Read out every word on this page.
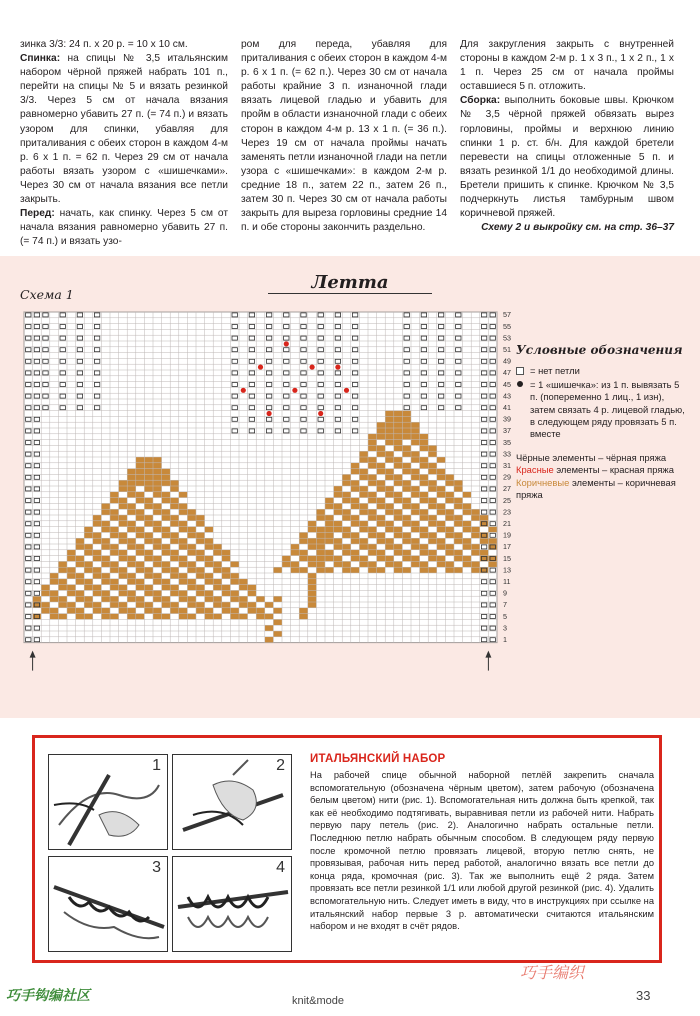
зинка 3/3: 24 п. х 20 р. = 10 х 10 см.

Спинка: на спицы № 3,5 итальянским набором чёрной пряжей набрать 101 п., перейти на спицы № 5 и вязать резинкой 3/3. Через 5 см от начала вязания равномерно убавить 27 п. (= 74 п.) и вязать узором для спинки, убавляя для приталивания с обеих сторон в каждом 4-м р. 6 х 1 п. = 62 п. Через 29 см от начала работы вязать узором с «шишечками». Через 30 см от начала вязания все петли закрыть.

Перед: начать, как спинку. Через 5 см от начала вязания равномерно убавить 27 п. (= 74 п.) и вязать узо-

ром для переда, убавляя для приталивания с обеих сторон в каждом 4-м р. 6 х 1 п. (= 62 п.). Через 30 см от начала работы крайние 3 п. изнаночной глади вязать лицевой гладью и убавить для пройм в области изнаночной глади с обеих сторон в каждом 4-м р. 13 х 1 п. (= 36 п.). Через 19 см от начала проймы начать заменять петли изнаночной глади на петли узора с «шишечками»: в каждом 2-м р. средние 18 п., затем 22 п., затем 26 п., затем 30 п. Через 30 см от начала работы закрыть для выреза горловины средние 14 п. и обе стороны закончить раздельно.

Для закругления закрыть с внутренней стороны в каждом 2-м р. 1 х 3 п., 1 х 2 п., 1 х 1 п. Через 25 см от начала проймы оставшиеся 5 п. отложить.

Сборка: выполнить боковые швы. Крючком № 3,5 чёрной пряжей обвязать вырез горловины, проймы и верхнюю линию спинки 1 р. ст. б/н. Для каждой бретели перевести на спицы отложенные 5 п. и вязать резинкой 1/1 до необходимой длины. Бретели пришить к спинке. Крючком № 3,5 подчеркнуть листья тамбурным швом коричневой пряжей.

Схему 2 и выкройку см. на стр. 36–37

Летта
Схема 1
57
55
53
51
49
47
45
43
41
39
37
35
33
31
29
27
25
23
21
19
17
15
13
11
9
7
5
3
1
Условные обозначения
= нет петли
= 1 «шишечка»: из 1 п. вывязать 5 п. (попеременно 1 лиц., 1 изн), затем связать 4 р. лицевой гладью, в следующем ряду провязать 5 п. вместе
Чёрные элементы – чёрная пряжа
Красные элементы – красная пряжа
Коричневые элементы – коричневая пряжа
1	2
3	4
ИТАЛЬЯНСКИЙ НАБОР

На рабочей спице обычной наборной петлёй закрепить сначала вспомогательную (обозначена чёрным цветом), затем рабочую (обозначена белым цветом) нити (рис. 1). Вспомогательная нить должна быть крепкой, так как её необходимо подтягивать, выравнивая петли из рабочей нити. Набрать первую пару петель (рис. 2). Аналогично набрать остальные петли. Последнюю петлю набрать обычным способом. В следующем ряду первую после кромочной петлю провязать лицевой, вторую петлю снять, не провязывая, рабочая нить перед работой, аналогично вязать все петли до конца ряда, кромочная (рис. 3). Так же выполнить ещё 2 ряда. Затем провязать все петли резинкой 1/1 или любой другой резинкой (рис. 4). Удалить вспомогательную нить. Следует иметь в виду, что в инструкциях при ссылке на итальянский набор первые 3 р. автоматически считаются итальянским набором и не входят в счёт рядов.

巧手钩编社区	knit&mode	33
巧手编织
